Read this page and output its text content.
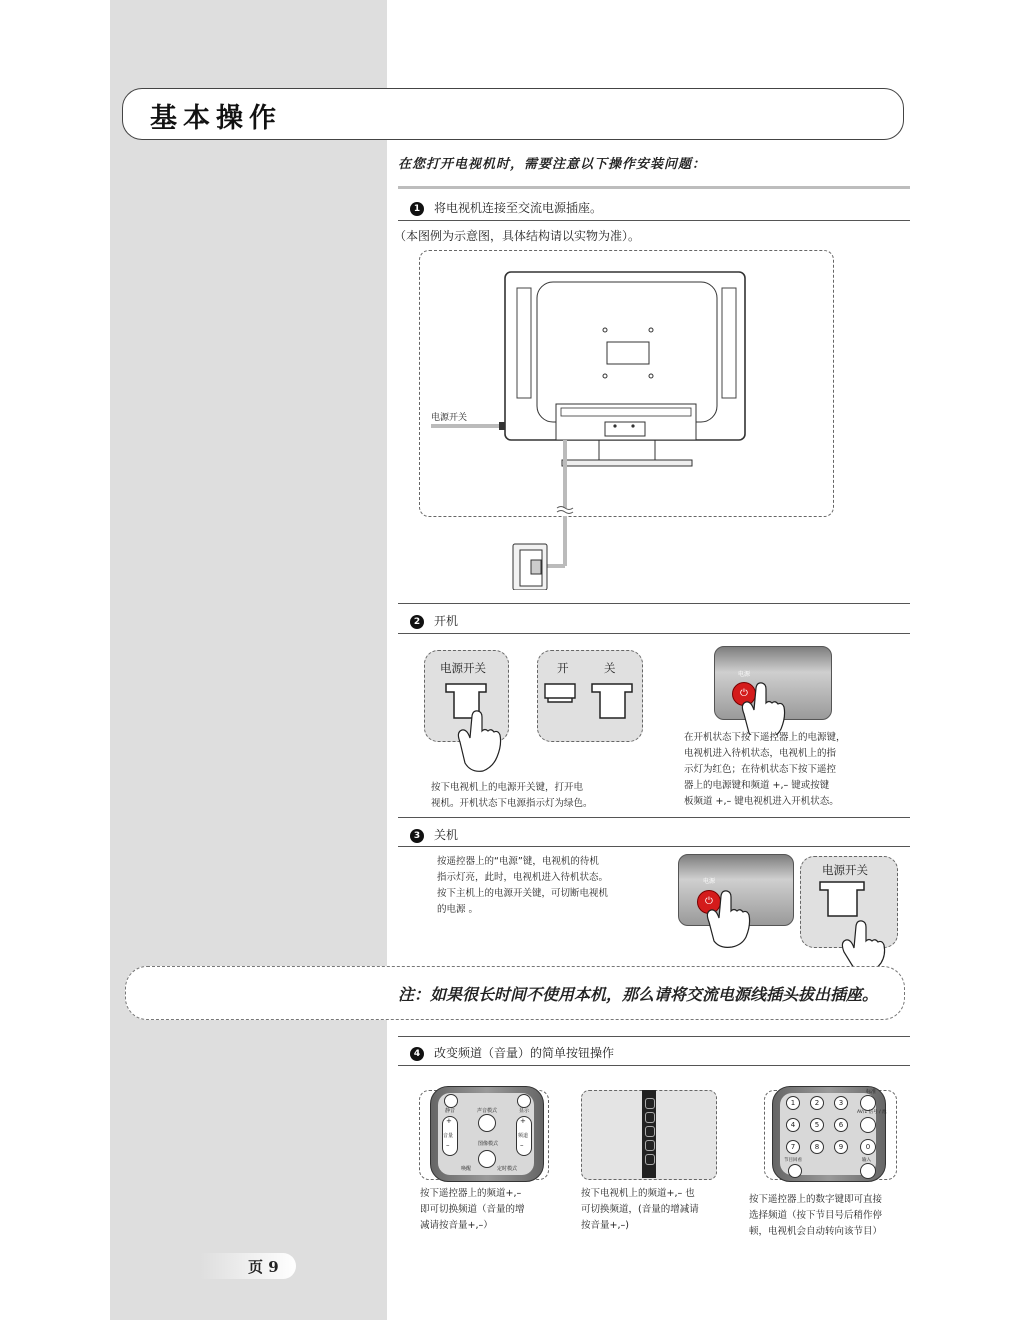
基本操作
在您打开电视机时，需要注意以下操作安装问题：
1 将电视机连接至交流电源插座。
（本图例为示意图，具体结构请以实物为准）。
电源开关
2 开机
电源开关	开	关	电源
⏻
按下电视机上的电源开关键，打开电
视机。开机状态下电源指示灯为绿色。
在开机状态下按下遥控器上的电源键，
电视机进入待机状态，电视机上的指
示灯为红色；在待机状态下按下遥控
器上的电源键和频道 +,– 键或按键
板频道 +,– 键电视机进入开机状态。
3 关机
按遥控器上的“电源”键，电视机的待机
指示灯亮，此时，电视机进入待机状态。
按下主机上的电源开关键，可切断电视机
的电源 。
电源
⏻
电源开关
注：如果很长时间不使用本机，那么请将交流电源线插头拔出插座。
4 改变频道（音量）的简单按钮操作
静音	声音模式	显示
+
–
音量
+
–
频道
图像模式
唤醒	定时模式
按下遥控器上的频道+,–
即可切换频道（音量的增
减请按音量+,–）
按下电视机上的频道+,– 也
可切换频道，(音量的增减请
按音量+,–)
标准
1	2	3
4	5	6
AV/1 信号 / 池
7	8	9	0
节目回看	输入
按下遥控器上的数字键即可直接
选择频道（按下节目号后稍作停
顿，电视机会自动转向该节目）
页 9
